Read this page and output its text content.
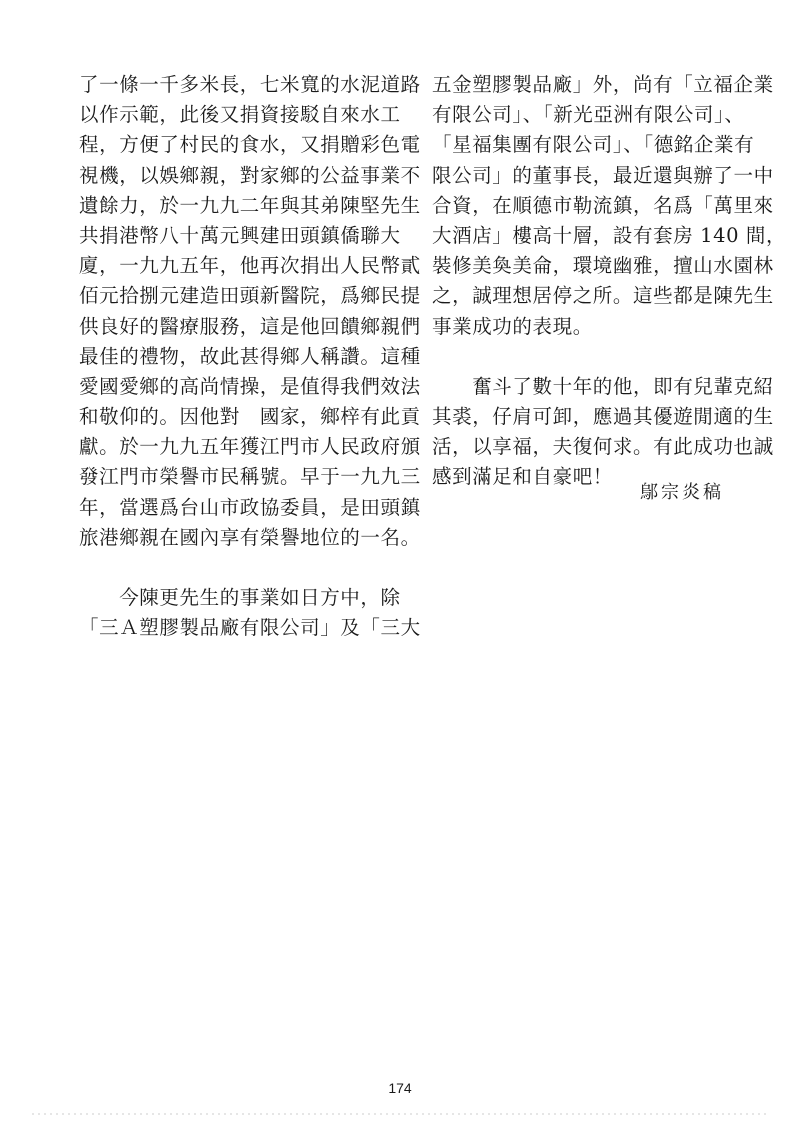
了一條一千多米長，七米寬的水泥道路
以作示範，此後又捐資接駁自來水工
程，方便了村民的食水，又捐贈彩色電
視機，以娛鄉親，對家鄉的公益事業不
遺餘力，於一九九二年與其弟陳堅先生
共捐港幣八十萬元興建田頭鎮僑聯大
廈，一九九五年，他再次捐出人民幣貳
佰元拾捌元建造田頭新醫院，爲鄉民提
供良好的醫療服務，這是他回饋鄉親們
最佳的禮物，故此甚得鄉人稱讚。這種
愛國愛鄉的高尚情操，是值得我們效法
和敬仰的。因他對　國家，鄉梓有此貢
獻。於一九九五年獲江門市人民政府頒
發江門市榮譽市民稱號。早于一九九三
年，當選爲台山市政協委員，是田頭鎮
旅港鄉親在國內享有榮譽地位的一名。
　　今陳更先生的事業如日方中，除
「三Ａ塑膠製品廠有限公司」及「三大
五金塑膠製品廠」外，尚有「立福企業
有限公司」、「新光亞洲有限公司」、
「星福集團有限公司」、「德銘企業有
限公司」的董事長，最近還與辦了一中
合資，在順德市勒流鎮，名爲「萬里來
大酒店」樓高十層，設有套房 140 間，
裝修美奐美侖，環境幽雅，擅山水園林
之，誠理想居停之所。這些都是陳先生
事業成功的表現。
　　奮斗了數十年的他，即有兒輩克紹
其裘，仔肩可卸，應過其優遊閒適的生
活，以享福，夫復何求。有此成功也誠
感到滿足和自豪吧！
鄔宗炎稿
174
